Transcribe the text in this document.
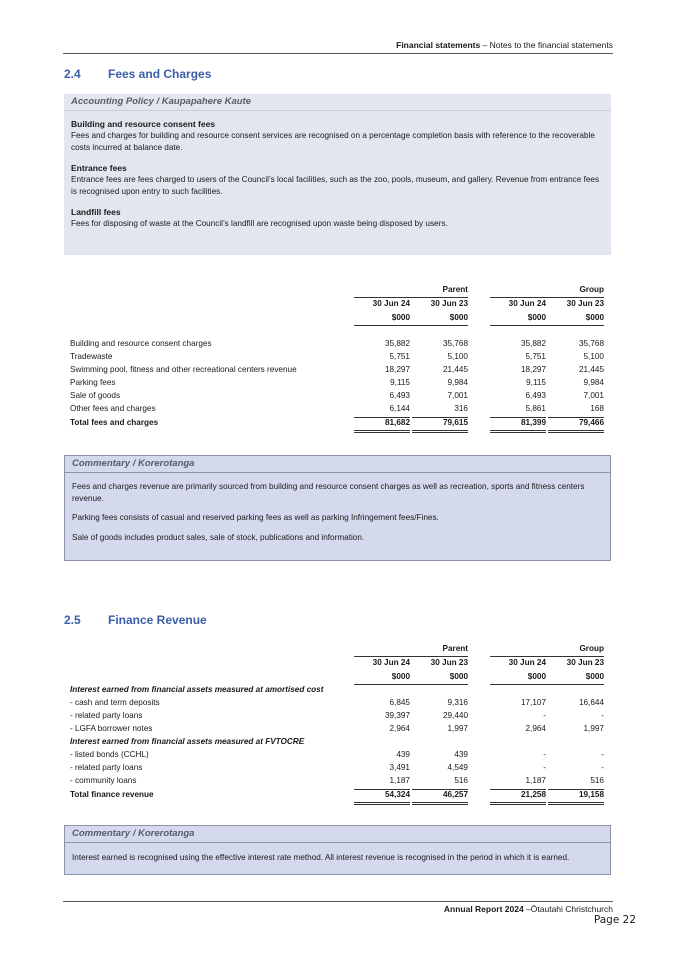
Financial statements – Notes to the financial statements
2.4 Fees and Charges
Accounting Policy / Kaupapahere Kaute
Building and resource consent fees
Fees and charges for building and resource consent services are recognised on a percentage completion basis with reference to the recoverable costs incurred at balance date.
Entrance fees
Entrance fees are fees charged to users of the Council’s local facilities, such as the zoo, pools, museum, and gallery. Revenue from entrance fees is recognised upon entry to such facilities.
Landfill fees
Fees for disposing of waste at the Council’s landfill are recognised upon waste being disposed by users.
Parent	Group
30 Jun 24	30 Jun 23	30 Jun 24	30 Jun 23
$000	$000	$000	$000
Building and resource consent charges	35,882	35,768	35,882	35,768
Tradewaste	5,751	5,100	5,751	5,100
Swimming pool, fitness and other recreational centers revenue	18,297	21,445	18,297	21,445
Parking fees	9,115	9,984	9,115	9,984
Sale of goods	6,493	7,001	6,493	7,001
Other fees and charges	6,144	316	5,861	168
Total fees and charges	81,682	79,615	81,399	79,466
Commentary / Korerotanga
Fees and charges revenue are primarily sourced from building and resource consent charges as well as recreation, sports and fitness centers revenue.
Parking fees consists of casual and reserved parking fees as well as parking Infringement fees/Fines.
Sale of goods includes product sales, sale of stock, publications and information.
2.5 Finance Revenue
Parent	Group
30 Jun 24	30 Jun 23	30 Jun 24	30 Jun 23
$000	$000	$000	$000
Interest earned from financial assets measured at amortised cost
- cash and term deposits	6,845	9,316	17,107	16,644
- related party loans	39,397	29,440	-	-
- LGFA borrower notes	2,964	1,997	2,964	1,997
Interest earned from financial assets measured at FVTOCRE
- listed bonds (CCHL)	439	439	-	-
- related party loans	3,491	4,549	-	-
- community loans	1,187	516	1,187	516
Total finance revenue	54,324	46,257	21,258	19,158
Commentary / Korerotanga
Interest earned is recognised using the effective interest rate method. All interest revenue is recognised in the period in which it is earned.
Annual Report 2024 –Ōtautahi Christchurch
Page 22
